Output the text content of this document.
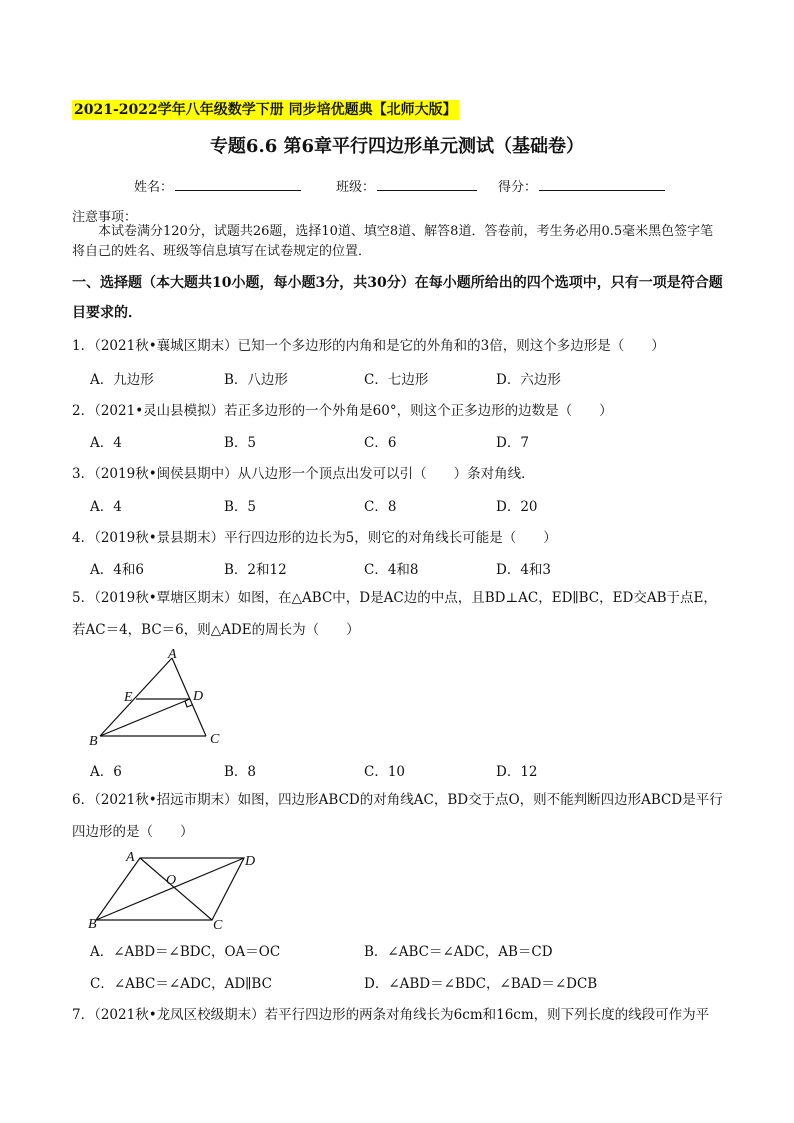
2021-2022学年八年级数学下册 同步培优题典【北师大版】
专题6.6 第6章平行四边形单元测试（基础卷）
姓名：	班级：	得分：
注意事项：
本试卷满分120分，试题共26题，选择10道、填空8道、解答8道．答卷前，考生务必用0.5毫米黑色签字笔将自己的姓名、班级等信息填写在试卷规定的位置．
一、选择题（本大题共10小题，每小题3分，共30分）在每小题所给出的四个选项中，只有一项是符合题目要求的．
1．（2021秋•襄城区期末）已知一个多边形的内角和是它的外角和的3倍，则这个多边形是（　　）
A．九边形	B．八边形	C．七边形	D．六边形
2．（2021•灵山县模拟）若正多边形的一个外角是60°，则这个正多边形的边数是（　　）
A．4	B．5	C．6	D．7
3．（2019秋•闽侯县期中）从八边形一个顶点出发可以引（　　）条对角线．
A．4	B．5	C．8	D．20
4．（2019秋•景县期末）平行四边形的边长为5，则它的对角线长可能是（　　）
A．4和6	B．2和12	C．4和8	D．4和3
5．（2019秋•覃塘区期末）如图，在△ABC中，D是AC边的中点，且BD⊥AC，ED∥BC，ED交AB于点E，若AC＝4，BC＝6，则△ADE的周长为（　　）
A
E	D
B	C
A．6	B．8	C．10	D．12
6．（2021秋•招远市期末）如图，四边形ABCD的对角线AC，BD交于点O，则不能判断四边形ABCD是平行四边形的是（　　）
A	D
O
B	C
A．∠ABD＝∠BDC，OA＝OC	B．∠ABC＝∠ADC，AB＝CD
C．∠ABC＝∠ADC，AD∥BC	D．∠ABD＝∠BDC，∠BAD＝∠DCB
7．（2021秋•龙凤区校级期末）若平行四边形的两条对角线长为6cm和16cm，则下列长度的线段可作为平
